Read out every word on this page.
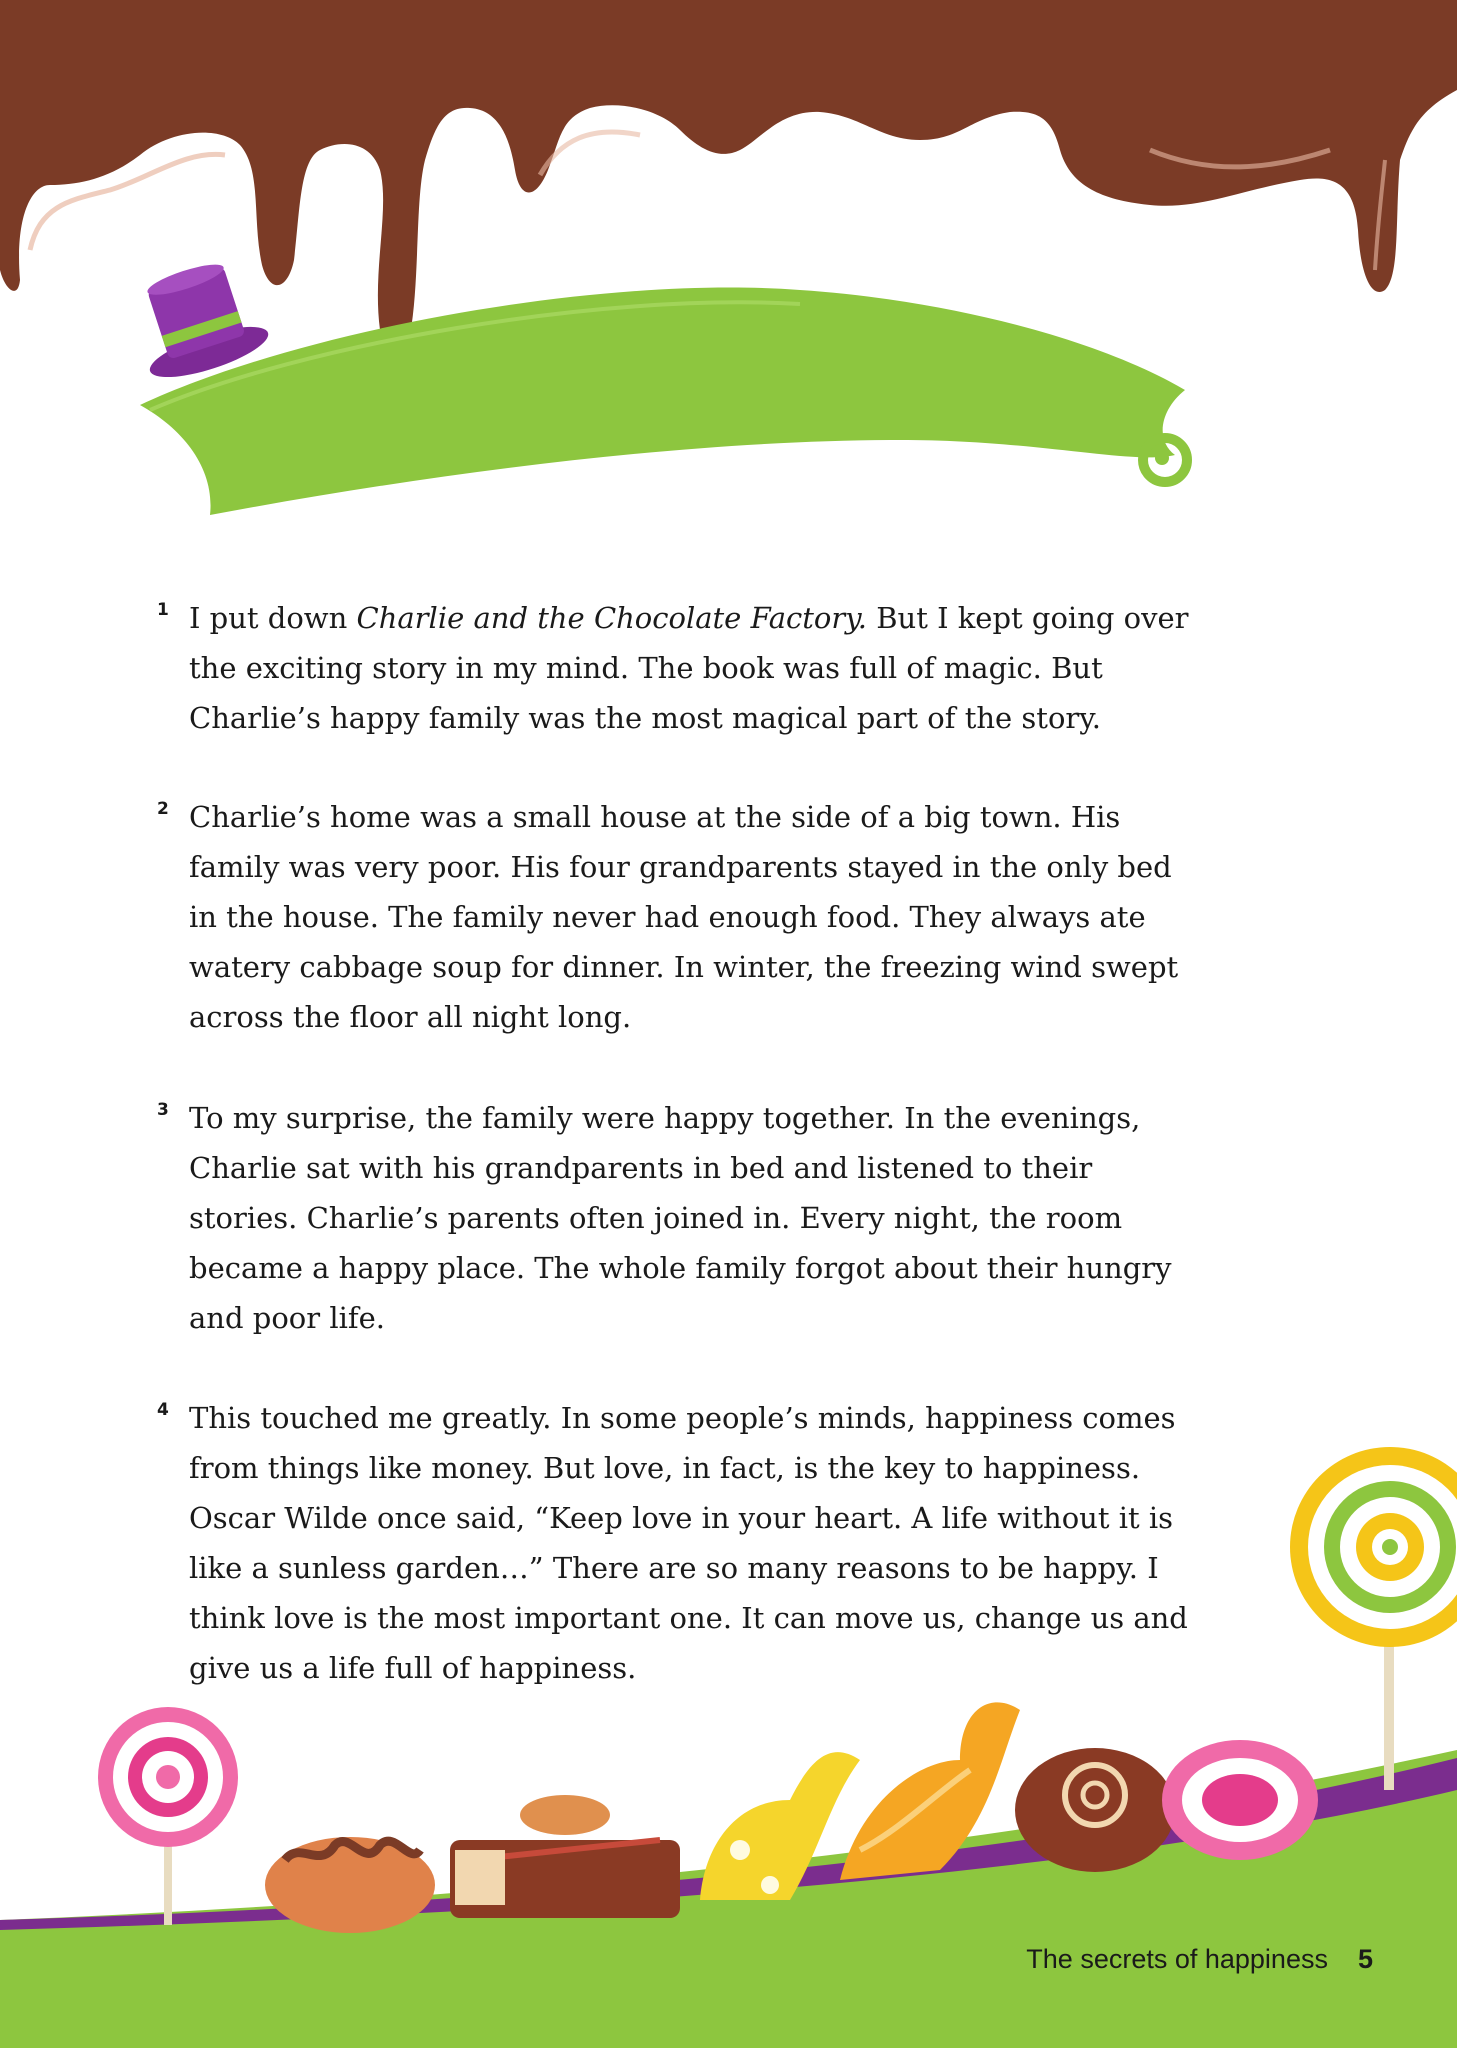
1 I put down Charlie and the Chocolate Factory. But I kept going over the exciting story in my mind. The book was full of magic. But Charlie’s happy family was the most magical part of the story.

2 Charlie’s home was a small house at the side of a big town. His family was very poor. His four grandparents stayed in the only bed in the house. The family never had enough food. They always ate watery cabbage soup for dinner. In winter, the freezing wind swept across the floor all night long.

3 To my surprise, the family were happy together. In the evenings, Charlie sat with his grandparents in bed and listened to their stories. Charlie’s parents often joined in. Every night, the room became a happy place. The whole family forgot about their hungry and poor life.

4 This touched me greatly. In some people’s minds, happiness comes from things like money. But love, in fact, is the key to happiness. Oscar Wilde once said, “Keep love in your heart. A life without it is like a sunless garden…” There are so many reasons to be happy. I think love is the most important one. It can move us, change us and give us a life full of happiness.

The secrets of happiness 5
